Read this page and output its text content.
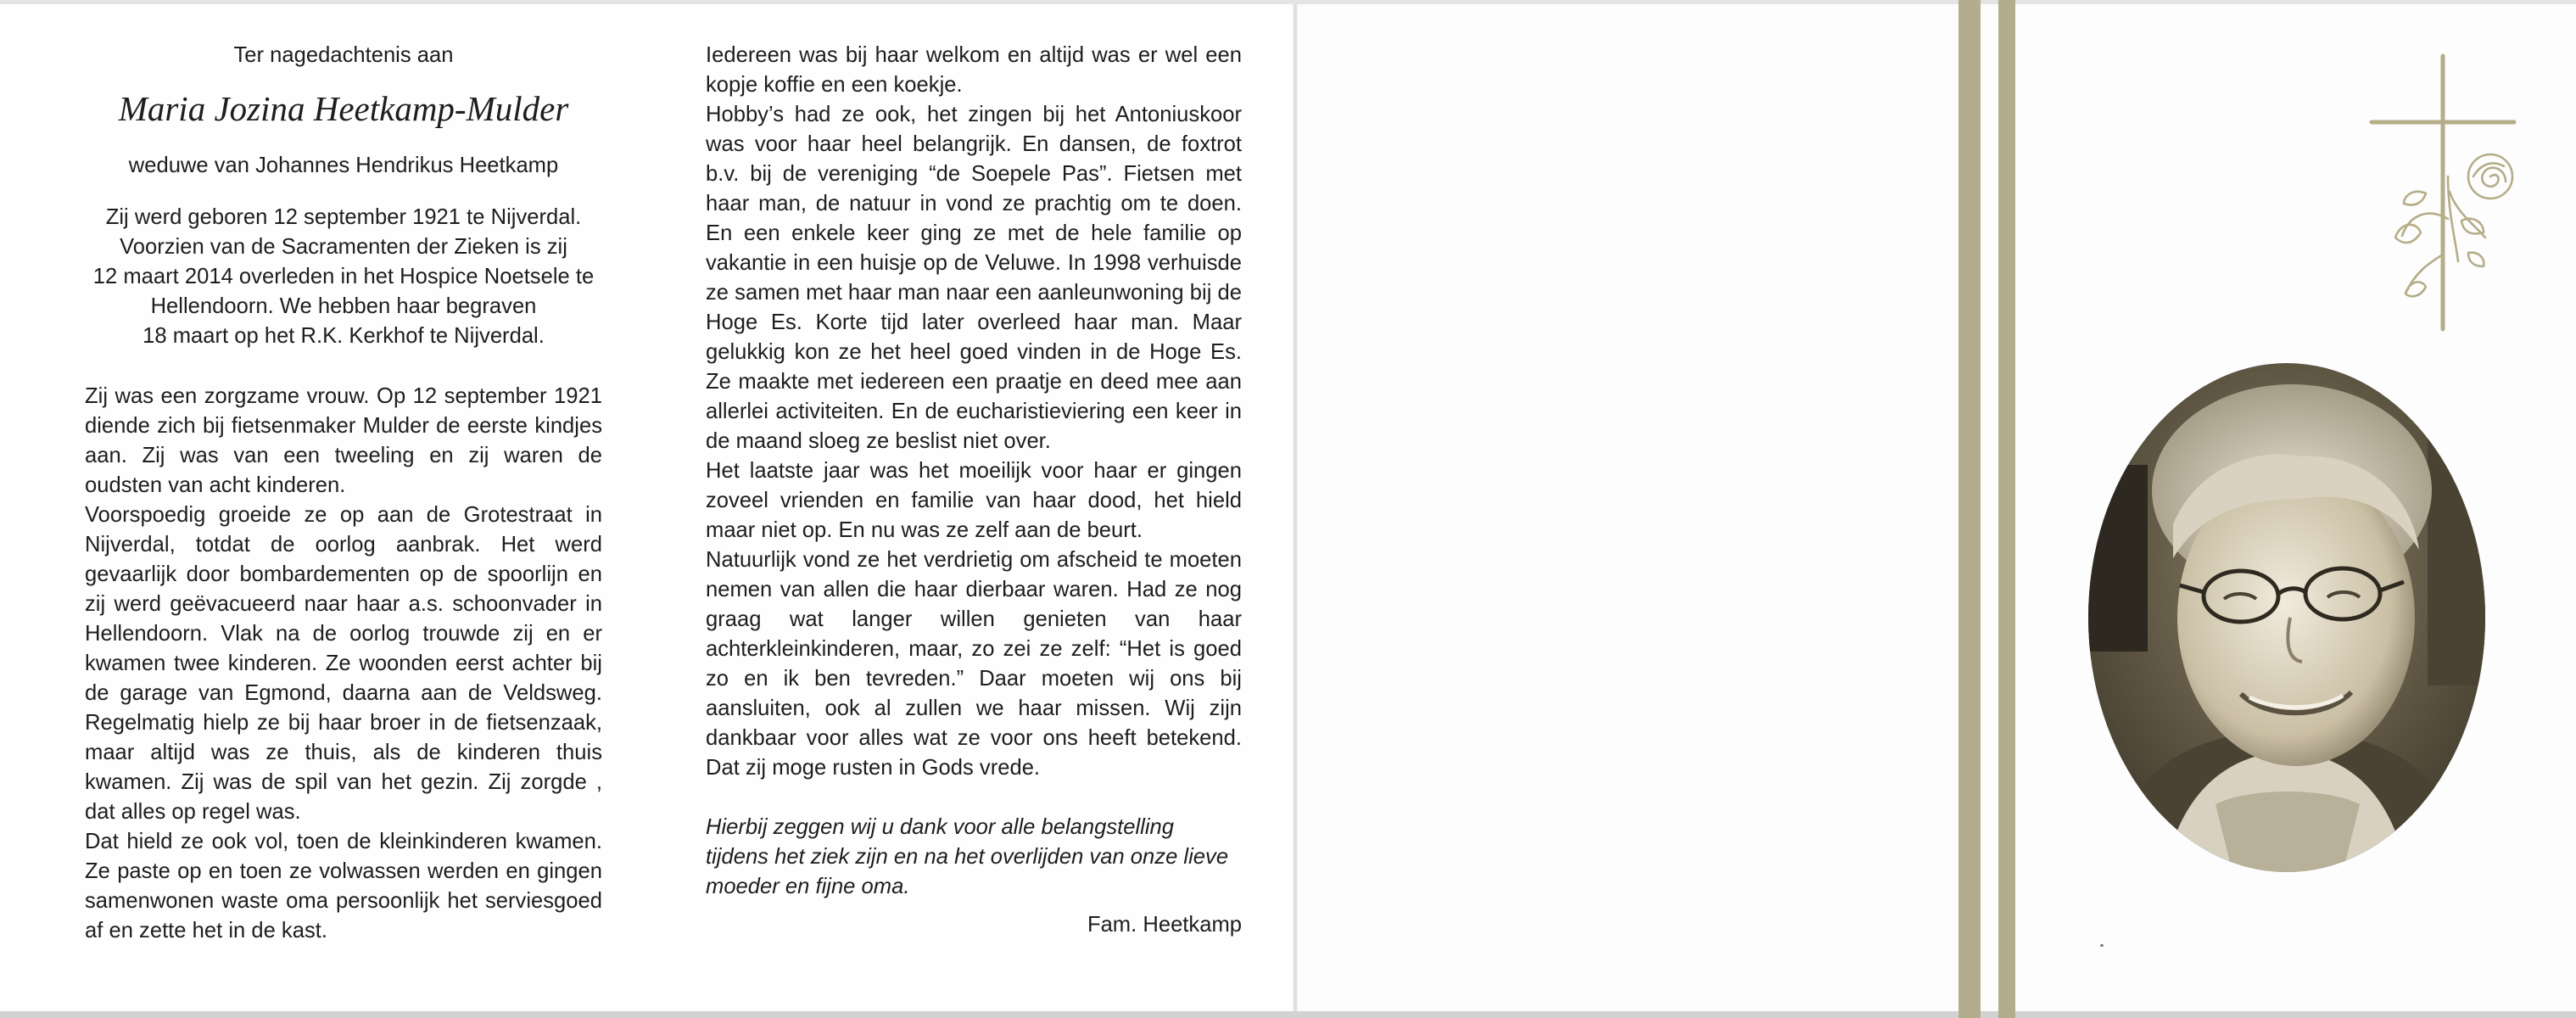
Ter nagedachtenis aan

Maria Jozina Heetkamp-Mulder

weduwe van Johannes Hendrikus Heetkamp

Zij werd geboren 12 september 1921 te Nijverdal.

Voorzien van de Sacramenten der Zieken is zij

12 maart 2014 overleden in het Hospice Noetsele te

Hellendoorn. We hebben haar begraven

18 maart op het R.K. Kerkhof te Nijverdal.

Zij was een zorgzame vrouw. Op 12 september 1921 diende zich bij fietsenmaker Mulder de eerste kindjes aan. Zij was van een tweeling en zij waren de oudsten van acht kinderen.

Voorspoedig groeide ze op aan de Grotestraat in Nijverdal, totdat de oorlog aanbrak. Het werd gevaarlijk door bombardementen op de spoorlijn en zij werd geëvacueerd naar haar a.s. schoonvader in Hellendoorn. Vlak na de oorlog trouwde zij en er kwamen twee kinderen. Ze woonden eerst achter bij de garage van Egmond, daarna aan de Veldsweg. Regelmatig hielp ze bij haar broer in de fietsenzaak, maar altijd was ze thuis, als de kinderen thuis kwamen. Zij was de spil van het gezin. Zij zorgde , dat alles op regel was.

Dat hield ze ook vol, toen de kleinkinderen kwamen. Ze paste op en toen ze volwassen werden en gingen samenwonen waste oma persoonlijk het serviesgoed af en zette het in de kast.

Iedereen was bij haar welkom en altijd was er wel een kopje koffie en een koekje.

Hobby’s had ze ook, het zingen bij het Antoniuskoor was voor haar heel belangrijk. En dansen, de foxtrot b.v. bij de vereniging “de Soepele Pas”. Fietsen met haar man, de natuur in vond ze prachtig om te doen. En een enkele keer ging ze met de hele familie op vakantie in een huisje op de Veluwe. In 1998 verhuisde ze samen met haar man naar een aanleunwoning bij de Hoge Es. Korte tijd later overleed haar man. Maar gelukkig kon ze het heel goed vinden in de Hoge Es. Ze maakte met iedereen een praatje en deed mee aan allerlei activiteiten. En de eucharistieviering een keer in de maand sloeg ze beslist niet over.

Het laatste jaar was het moeilijk voor haar er gingen zoveel vrienden en familie van haar dood, het hield maar niet op. En nu was ze zelf aan de beurt.

Natuurlijk vond ze het verdrietig om afscheid te moeten nemen van allen die haar dierbaar waren. Had ze nog graag wat langer willen genieten van haar achterkleinkinderen, maar, zo zei ze zelf: “Het is goed zo en ik ben tevreden.” Daar moeten wij ons bij aansluiten, ook al zullen we haar missen. Wij zijn dankbaar voor alles wat ze voor ons heeft betekend. Dat zij moge rusten in Gods vrede.

Hierbij zeggen wij u dank voor alle belangstelling tijdens het ziek zijn en na het overlijden van onze lieve moeder en fijne oma.

Fam. Heetkamp
